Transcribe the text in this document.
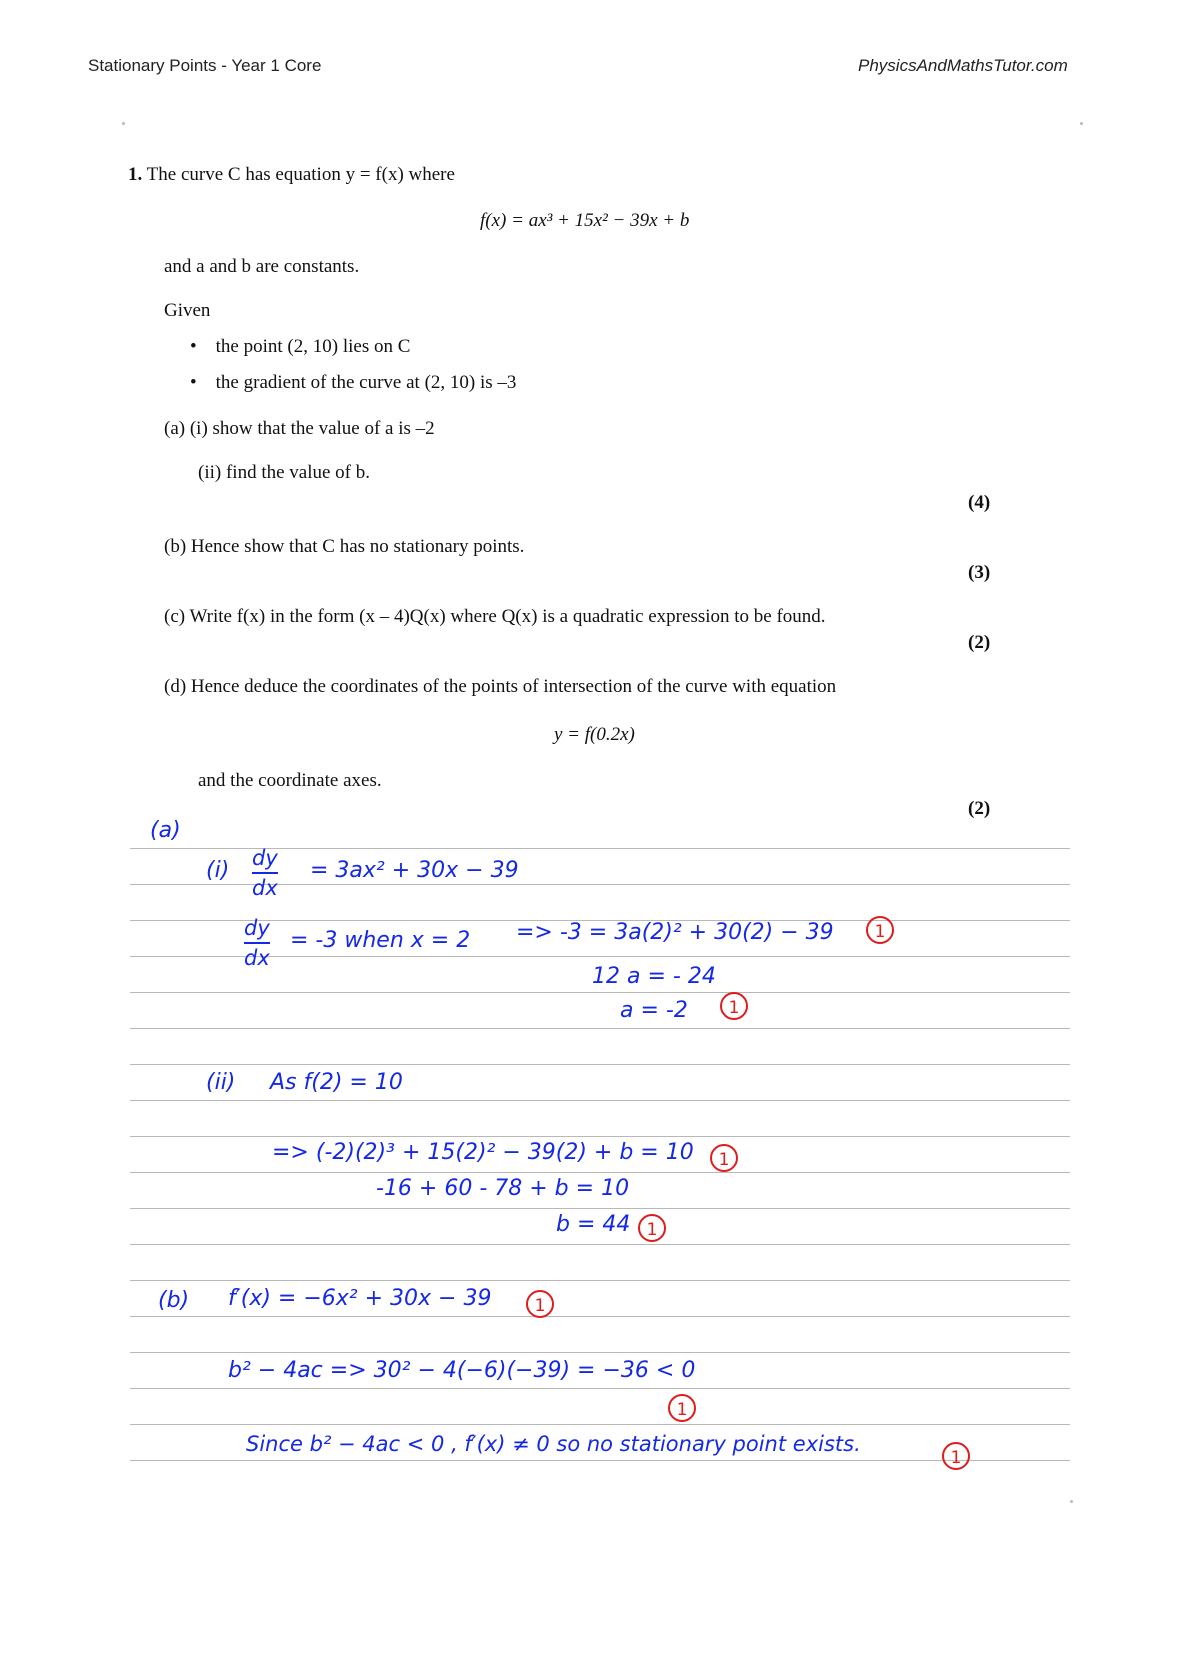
Stationary Points - Year 1 Core	PhysicsAndMathsTutor.com
1. The curve C has equation y = f(x) where
f(x) = ax³ + 15x² − 39x + b
and a and b are constants.
Given
•    the point (2, 10) lies on C
•    the gradient of the curve at (2, 10) is –3
(a) (i) show that the value of a is –2
(ii) find the value of b.
(4)
(b) Hence show that C has no stationary points.
(3)
(c) Write f(x) in the form (x – 4)Q(x) where Q(x) is a quadratic expression to be found.
(2)
(d) Hence deduce the coordinates of the points of intersection of the curve with equation
y = f(0.2x)
and the coordinate axes.
(2)
(a)
(i) dy
dx
= 3ax² + 30x − 39
dy
dx
= -3 when x = 2 => -3 = 3a(2)² + 30(2) − 39	1
12 a = - 24
a = -2	1
(ii) As f(2) = 10
=> (-2)(2)³ + 15(2)² − 39(2) + b = 10	1
-16 + 60 - 78 + b = 10
b = 44 1
(b) f′(x) = −6x² + 30x − 39	1
b² − 4ac => 30² − 4(−6)(−39) = −36 < 0
1
Since b² − 4ac < 0 , f′(x) ≠ 0 so no stationary point exists.
1
